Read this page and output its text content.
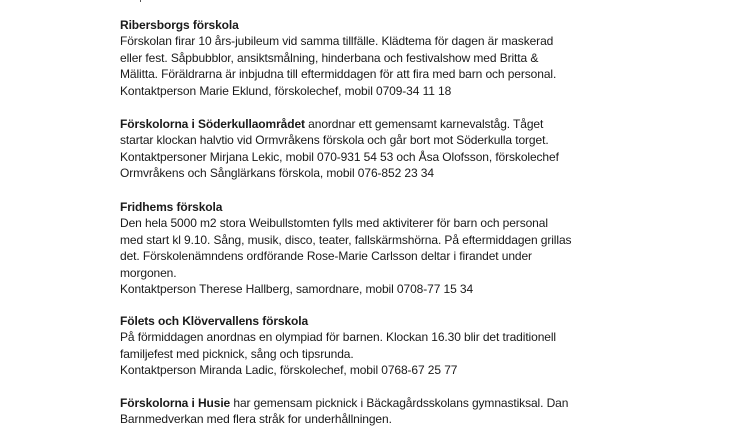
Ribersborgs förskola
Förskolan firar 10 års-jubileum vid samma tillfälle. Klädtema för dagen är maskerad
eller fest. Såpbubblor, ansiktsmålning, hinderbana och festivalshow med Britta &
Mälitta. Föräldrarna är inbjudna till eftermiddagen för att fira med barn och personal.
Kontaktperson Marie Eklund, förskolechef, mobil 0709-34 11 18
Förskolorna i Söderkullaområdet anordnar ett gemensamt karnevalståg. Tåget
startar klockan halvtio vid Ormvråkens förskola och går bort mot Söderkulla torget.
Kontaktpersoner Mirjana Lekic, mobil 070-931 54 53 och Åsa Olofsson, förskolechef
Ormvråkens och Sånglärkans förskola, mobil 076-852 23 34
Fridhems förskola
Den hela 5000 m2 stora Weibullstomten fylls med aktiviterer för barn och personal
med start kl 9.10. Sång, musik, disco, teater, fallskärmshörna. På eftermiddagen grillas
det. Förskolenämndens ordförande Rose-Marie Carlsson deltar i firandet under
morgonen.
Kontaktperson Therese Hallberg, samordnare, mobil 0708-77 15 34
Fölets och Klövervallens förskola
På förmiddagen anordnas en olympiad för barnen. Klockan 16.30 blir det traditionell
familjefest med picknick, sång och tipsrunda.
Kontaktperson Miranda Ladic, förskolechef, mobil 0768-67 25 77
Förskolorna i Husie har gemensam picknick i Bäckagårdsskolans gymnastiksal. Dan
Barnmedverkan med flera stråk for underhållningen.
